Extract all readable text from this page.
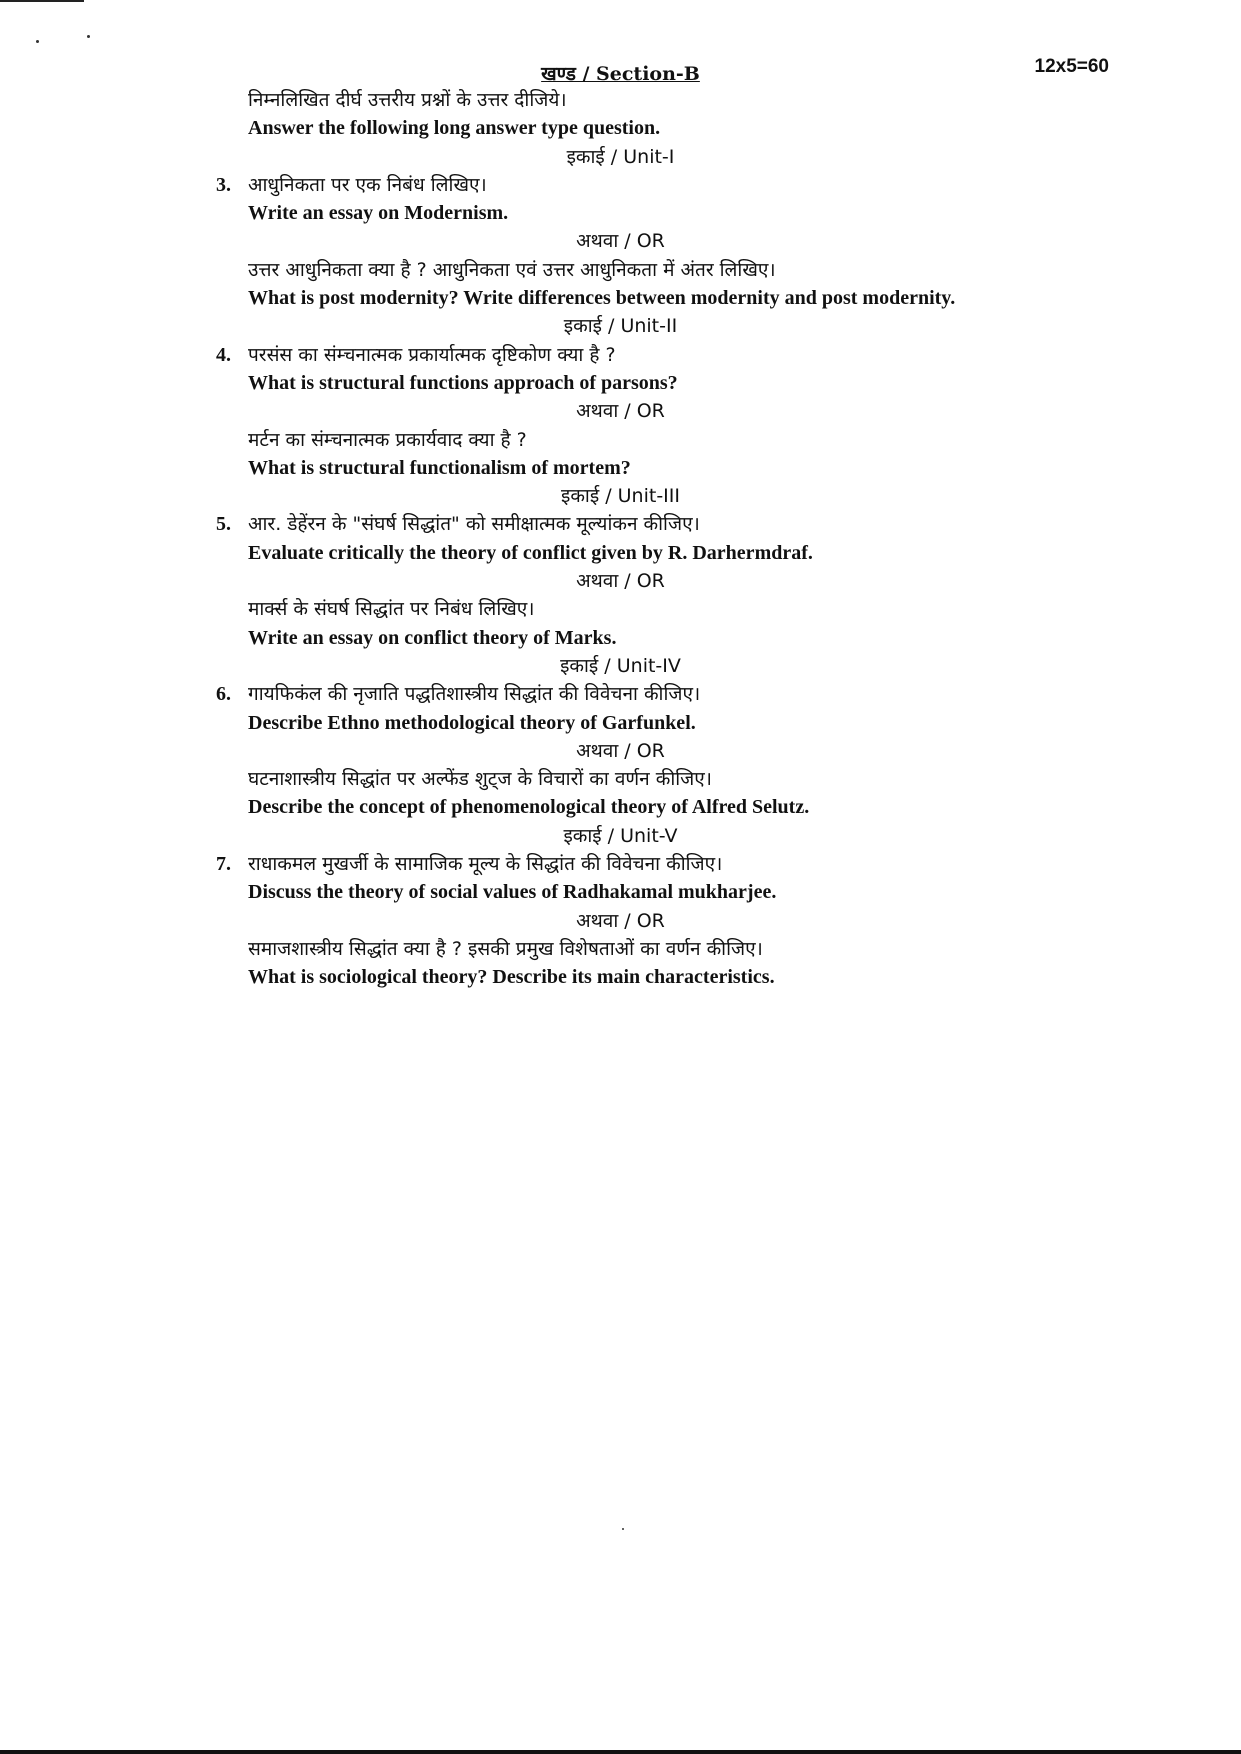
12x5=60
खण्ड / Section-B
निम्नलिखित दीर्घ उत्तरीय प्रश्नों के उत्तर दीजिये।
Answer the following long answer type question.
इकाई / Unit-I
3. आधुनिकता पर एक निबंध लिखिए।
Write an essay on Modernism.
अथवा / OR
उत्तर आधुनिकता क्या है ? आधुनिकता एवं उत्तर आधुनिकता में अंतर लिखिए।
What is post modernity? Write differences between modernity and post modernity.
इकाई / Unit-II
4. परसंस का संम्चनात्मक प्रकार्यात्मक दृष्टिकोण क्या है ?
What is structural functions approach of parsons?
अथवा / OR
मर्टन का संम्चनात्मक प्रकार्यवाद क्या है ?
What is structural functionalism of mortem?
इकाई / Unit-III
5. आर. डेहेंरन के "संघर्ष सिद्धांत" को समीक्षात्मक मूल्यांकन कीजिए।
Evaluate critically the theory of conflict given by R. Darhermdraf.
अथवा / OR
मार्क्स के संघर्ष सिद्धांत पर निबंध लिखिए।
Write an essay on conflict theory of Marks.
इकाई / Unit-IV
6. गायफिकंल की नृजाति पद्धतिशास्त्रीय सिद्धांत की विवेचना कीजिए।
Describe Ethno methodological theory of Garfunkel.
अथवा / OR
घटनाशास्त्रीय सिद्धांत पर अल्फेंड शुट्ज के विचारों का वर्णन कीजिए।
Describe the concept of phenomenological theory of Alfred Selutz.
इकाई / Unit-V
7. राधाकमल मुखर्जी के सामाजिक मूल्य के सिद्धांत की विवेचना कीजिए।
Discuss the theory of social values of Radhakamal mukharjee.
अथवा / OR
समाजशास्त्रीय सिद्धांत क्या है ? इसकी प्रमुख विशेषताओं का वर्णन कीजिए।
What is sociological theory? Describe its main characteristics.
